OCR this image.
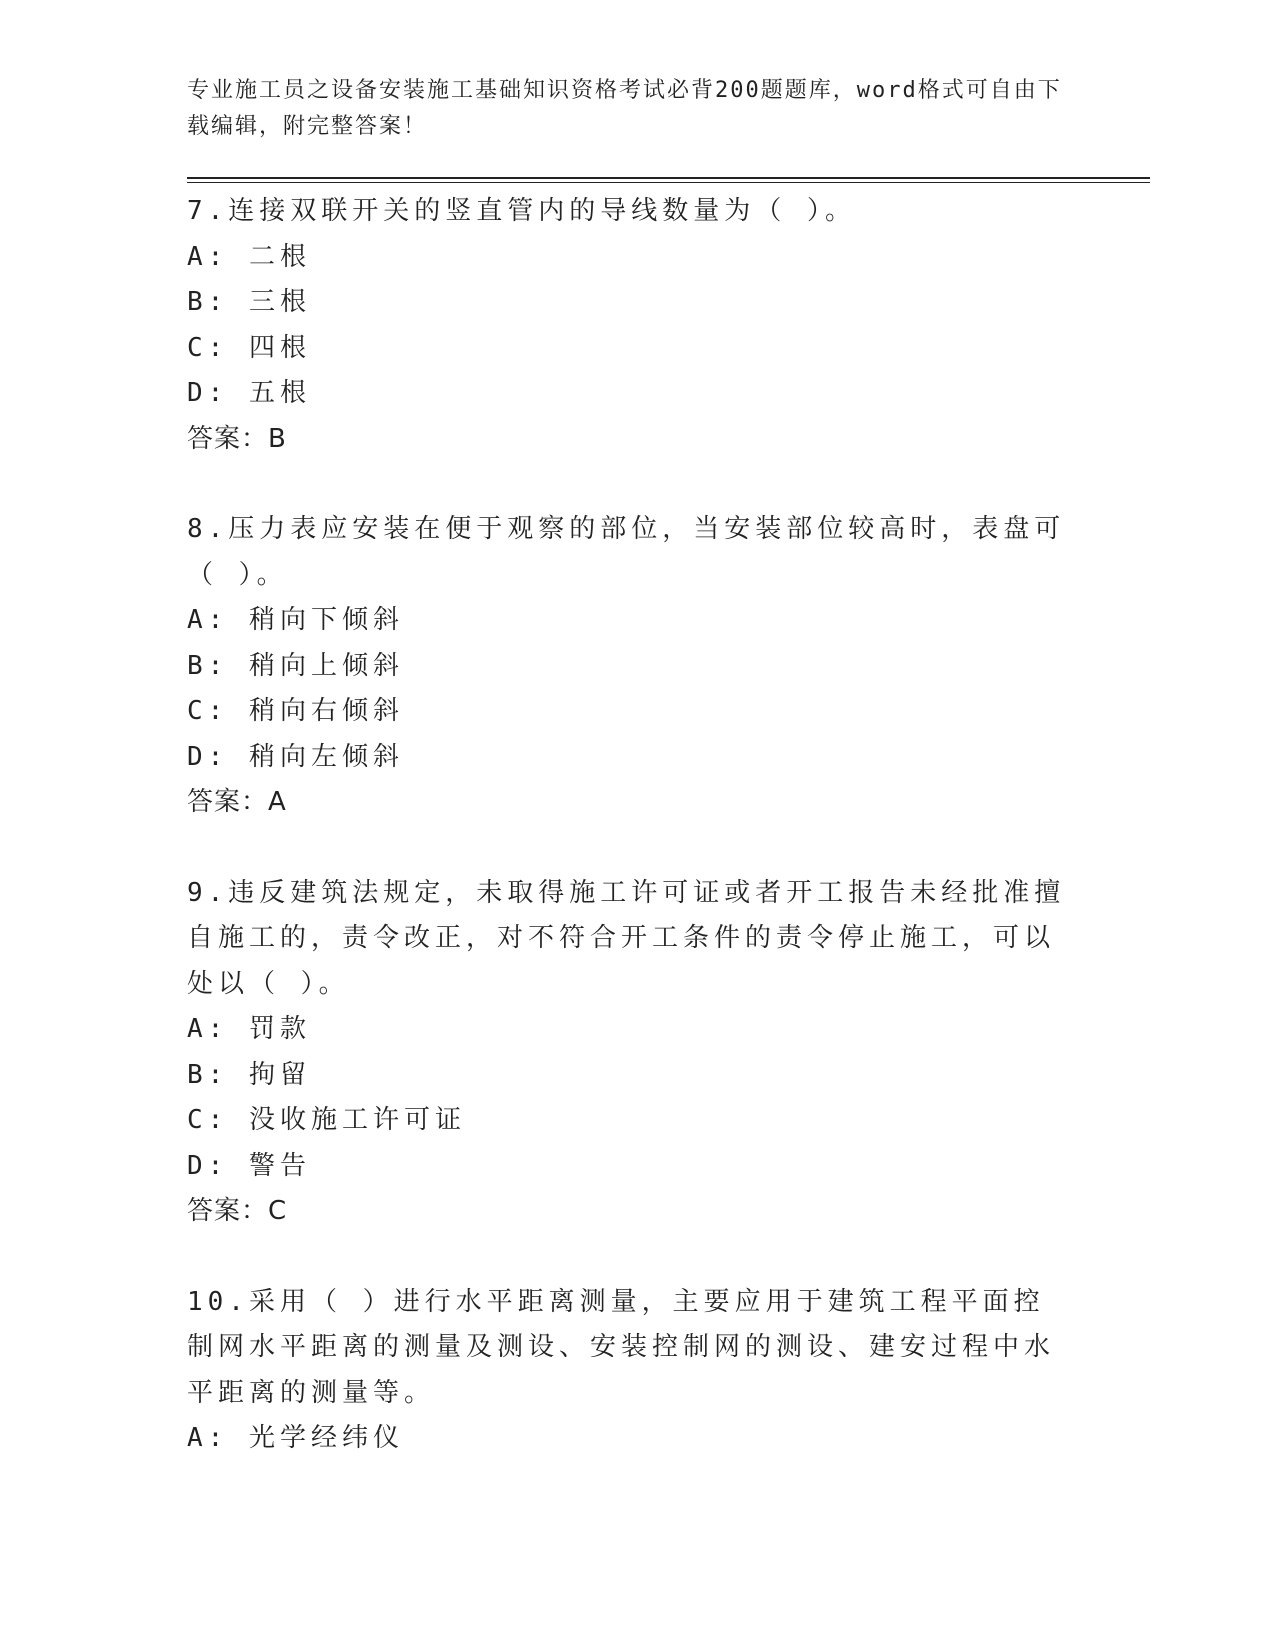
专业施工员之设备安装施工基础知识资格考试必背200题题库，word格式可自由下载编辑，附完整答案！
7.连接双联开关的竖直管内的导线数量为（ ）。
A: 二根
B: 三根
C: 四根
D: 五根
答案：B
8.压力表应安装在便于观察的部位，当安装部位较高时，表盘可（ ）。
A: 稍向下倾斜
B: 稍向上倾斜
C: 稍向右倾斜
D: 稍向左倾斜
答案：A
9.违反建筑法规定，未取得施工许可证或者开工报告未经批准擅自施工的，责令改正，对不符合开工条件的责令停止施工，可以处以（ ）。
A: 罚款
B: 拘留
C: 没收施工许可证
D: 警告
答案：C
10.采用（ ）进行水平距离测量，主要应用于建筑工程平面控制网水平距离的测量及测设、安装控制网的测设、建安过程中水平距离的测量等。
A: 光学经纬仪
